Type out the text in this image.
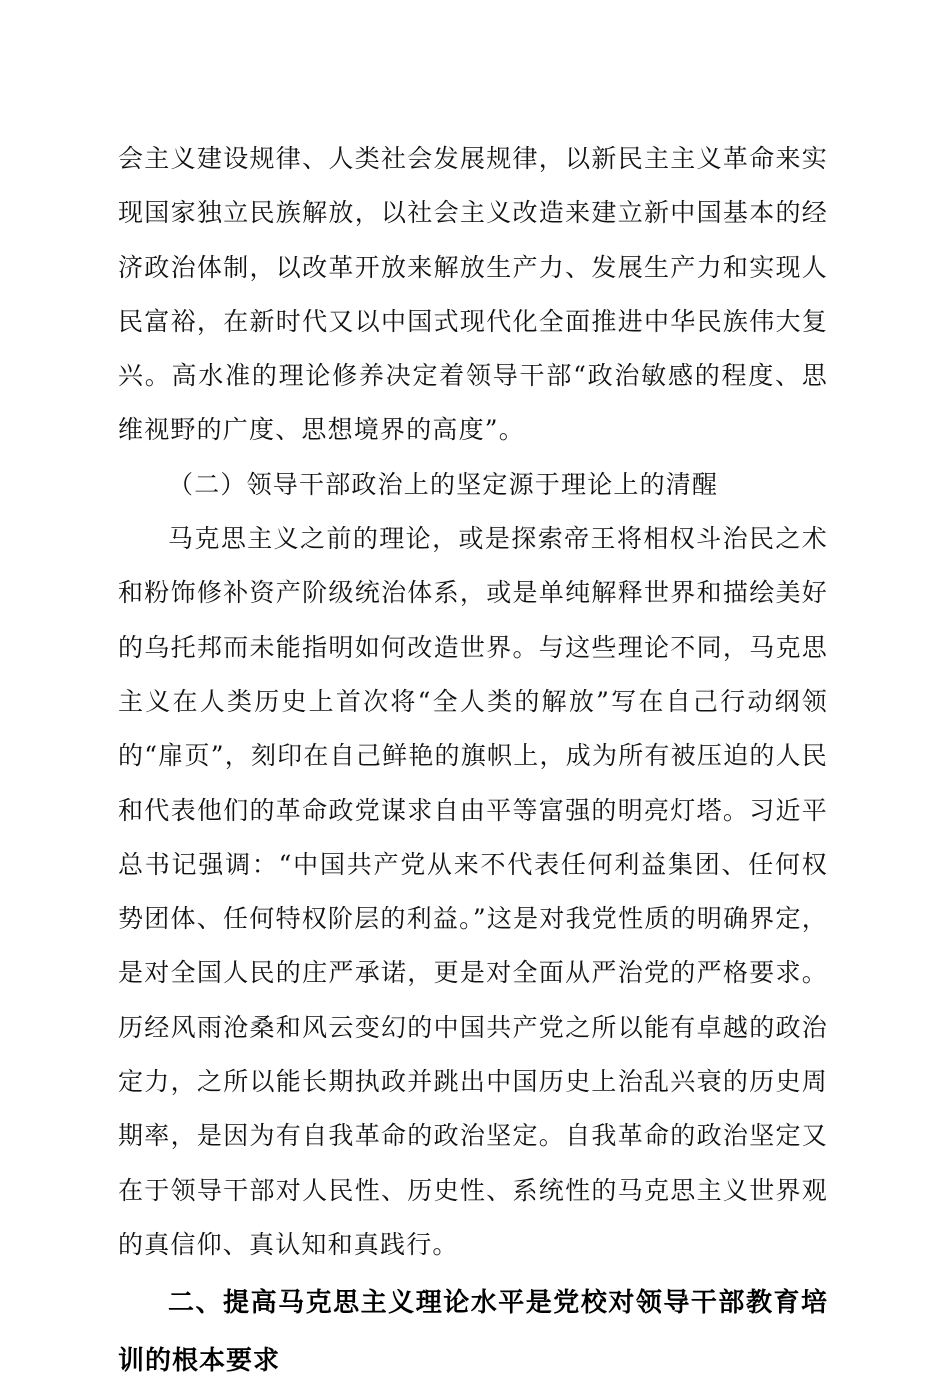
会主义建设规律、人类社会发展规律，以新民主主义革命来实现国家独立民族解放，以社会主义改造来建立新中国基本的经济政治体制，以改革开放来解放生产力、发展生产力和实现人民富裕，在新时代又以中国式现代化全面推进中华民族伟大复兴。高水准的理论修养决定着领导干部“政治敏感的程度、思维视野的广度、思想境界的高度”。

（二）领导干部政治上的坚定源于理论上的清醒

马克思主义之前的理论，或是探索帝王将相权斗治民之术和粉饰修补资产阶级统治体系，或是单纯解释世界和描绘美好的乌托邦而未能指明如何改造世界。与这些理论不同，马克思主义在人类历史上首次将“全人类的解放”写在自己行动纲领的“扉页”，刻印在自己鲜艳的旗帜上，成为所有被压迫的人民和代表他们的革命政党谋求自由平等富强的明亮灯塔。习近平总书记强调：“中国共产党从来不代表任何利益集团、任何权势团体、任何特权阶层的利益。”这是对我党性质的明确界定，是对全国人民的庄严承诺，更是对全面从严治党的严格要求。历经风雨沧桑和风云变幻的中国共产党之所以能有卓越的政治定力，之所以能长期执政并跳出中国历史上治乱兴衰的历史周期率，是因为有自我革命的政治坚定。自我革命的政治坚定又在于领导干部对人民性、历史性、系统性的马克思主义世界观的真信仰、真认知和真践行。

二、提高马克思主义理论水平是党校对领导干部教育培训的根本要求
